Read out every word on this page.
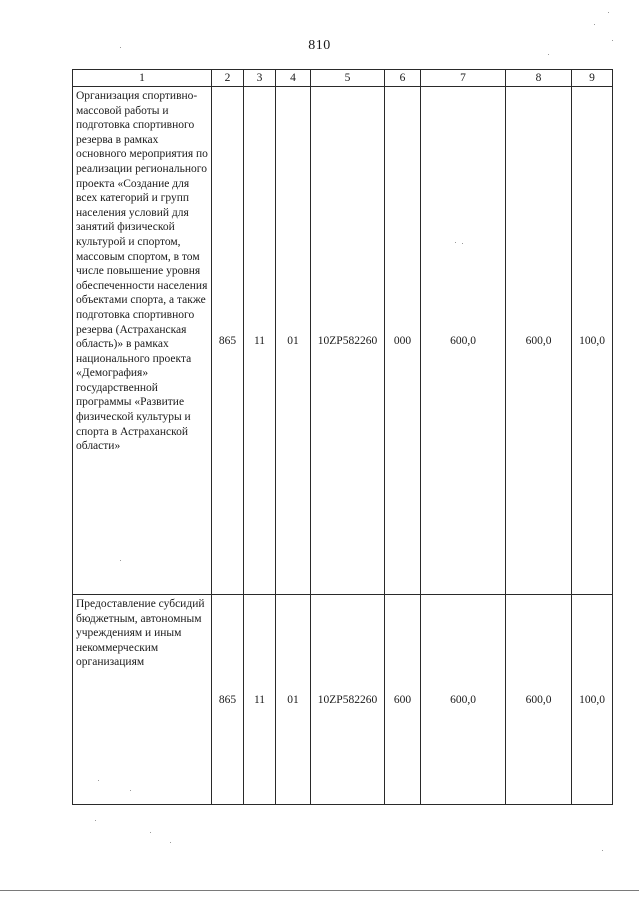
810
1	2	3	4	5	6	7	8	9
Организация спортивно-массовой работы и подготовка спортивного резерва в рамках основного мероприятия по реализации регионального проекта «Создание для всех категорий и групп населения условий для занятий физической культурой и спортом, массовым спортом, в том числе повышение уровня обеспеченности населения объектами спорта, а также подготовка спортивного резерва (Астраханская область)» в рамках национального проекта «Демография» государственной программы «Развитие физической культуры и спорта в Астраханской области»	865	11	01	10ZP582260	000	600,0	600,0	100,0
Предоставление субсидий бюджетным, автономным учреждениям и иным некоммерческим организациям	865	11	01	10ZP582260	600	600,0	600,0	100,0
